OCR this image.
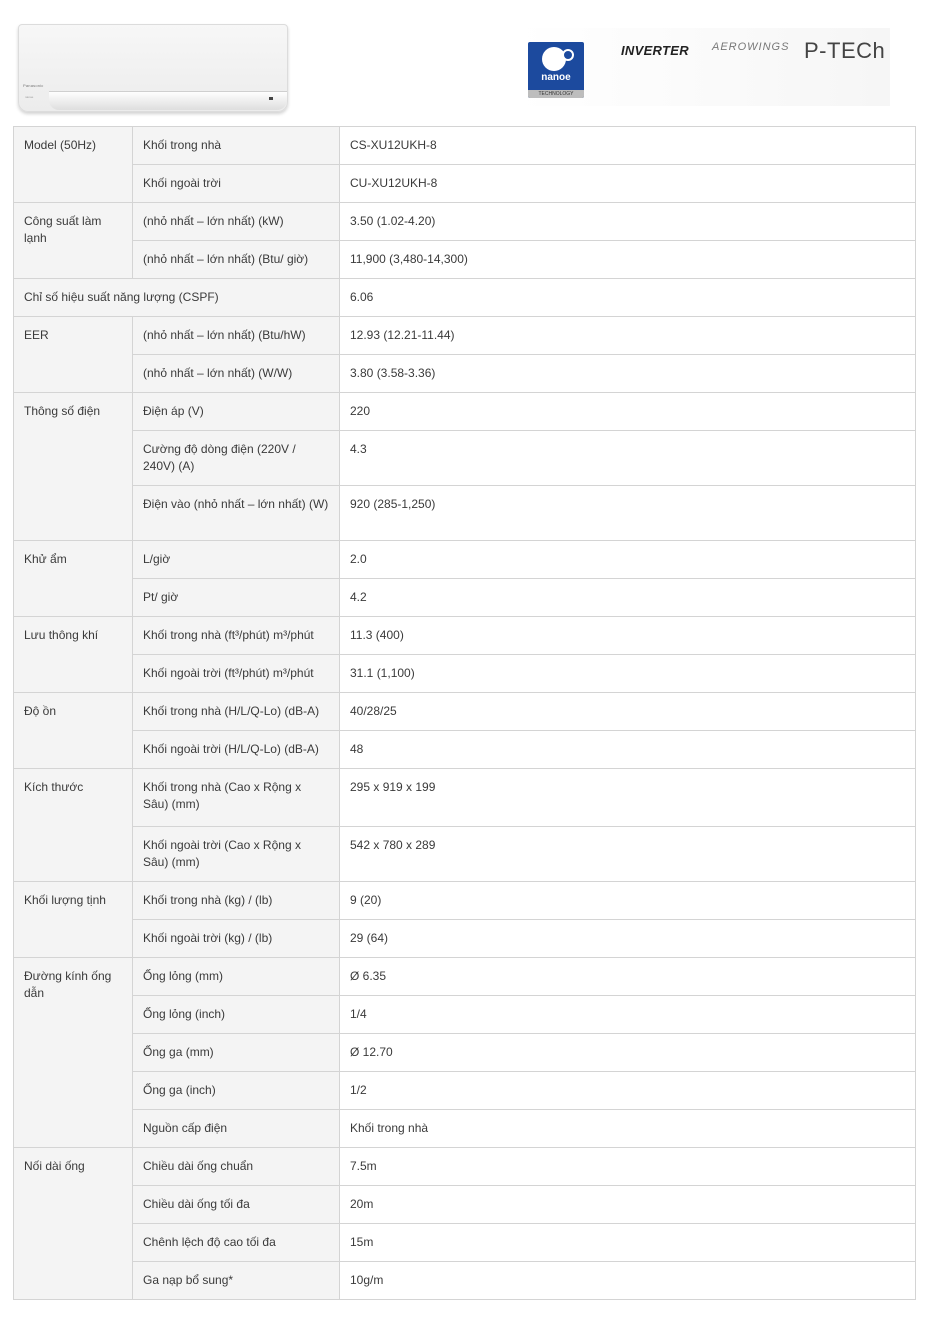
Panasonic
nanoe
nanoe
TECHNOLOGY
INVERTER AEROWINGS P-TECh
Model (50Hz)	Khối trong nhà	CS-XU12UKH-8
	Khối ngoài trời	CU-XU12UKH-8
Công suất làm lạnh	(nhỏ nhất – lớn nhất) (kW)	3.50 (1.02-4.20)
	(nhỏ nhất – lớn nhất) (Btu/ giờ)	11,900 (3,480-14,300)
Chỉ số hiệu suất năng lượng (CSPF)		6.06
EER	(nhỏ nhất – lớn nhất) (Btu/hW)	12.93 (12.21-11.44)
	(nhỏ nhất – lớn nhất) (W/W)	3.80 (3.58-3.36)
Thông số điện	Điện áp (V)	220
	Cường độ dòng điện (220V / 240V) (A)	4.3
	Điện vào (nhỏ nhất – lớn nhất) (W)	920 (285-1,250)
Khử ẩm	L/giờ	2.0
	Pt/ giờ	4.2
Lưu thông khí	Khối trong nhà (ft³/phút) m³/phút	11.3 (400)
	Khối ngoài trời (ft³/phút) m³/phút	31.1 (1,100)
Độ ồn	Khối trong nhà (H/L/Q-Lo) (dB-A)	40/28/25
	Khối ngoài trời (H/L/Q-Lo) (dB-A)	48
Kích thước	Khối trong nhà (Cao x Rộng x Sâu) (mm)	295 x 919 x 199
	Khối ngoài trời (Cao x Rộng x Sâu) (mm)	542 x 780 x 289
Khối lượng tịnh	Khối trong nhà (kg) / (lb)	9 (20)
	Khối ngoài trời (kg) / (lb)	29 (64)
Đường kính ống dẫn	Ống lỏng (mm)	Ø 6.35
	Ống lỏng (inch)	1/4
	Ống ga (mm)	Ø 12.70
	Ống ga (inch)	1/2
	Nguồn cấp điện	Khối trong nhà
Nối dài ống	Chiều dài ống chuẩn	7.5m
	Chiều dài ống tối đa	20m
	Chênh lệch độ cao tối đa	15m
	Ga nạp bổ sung*	10g/m
